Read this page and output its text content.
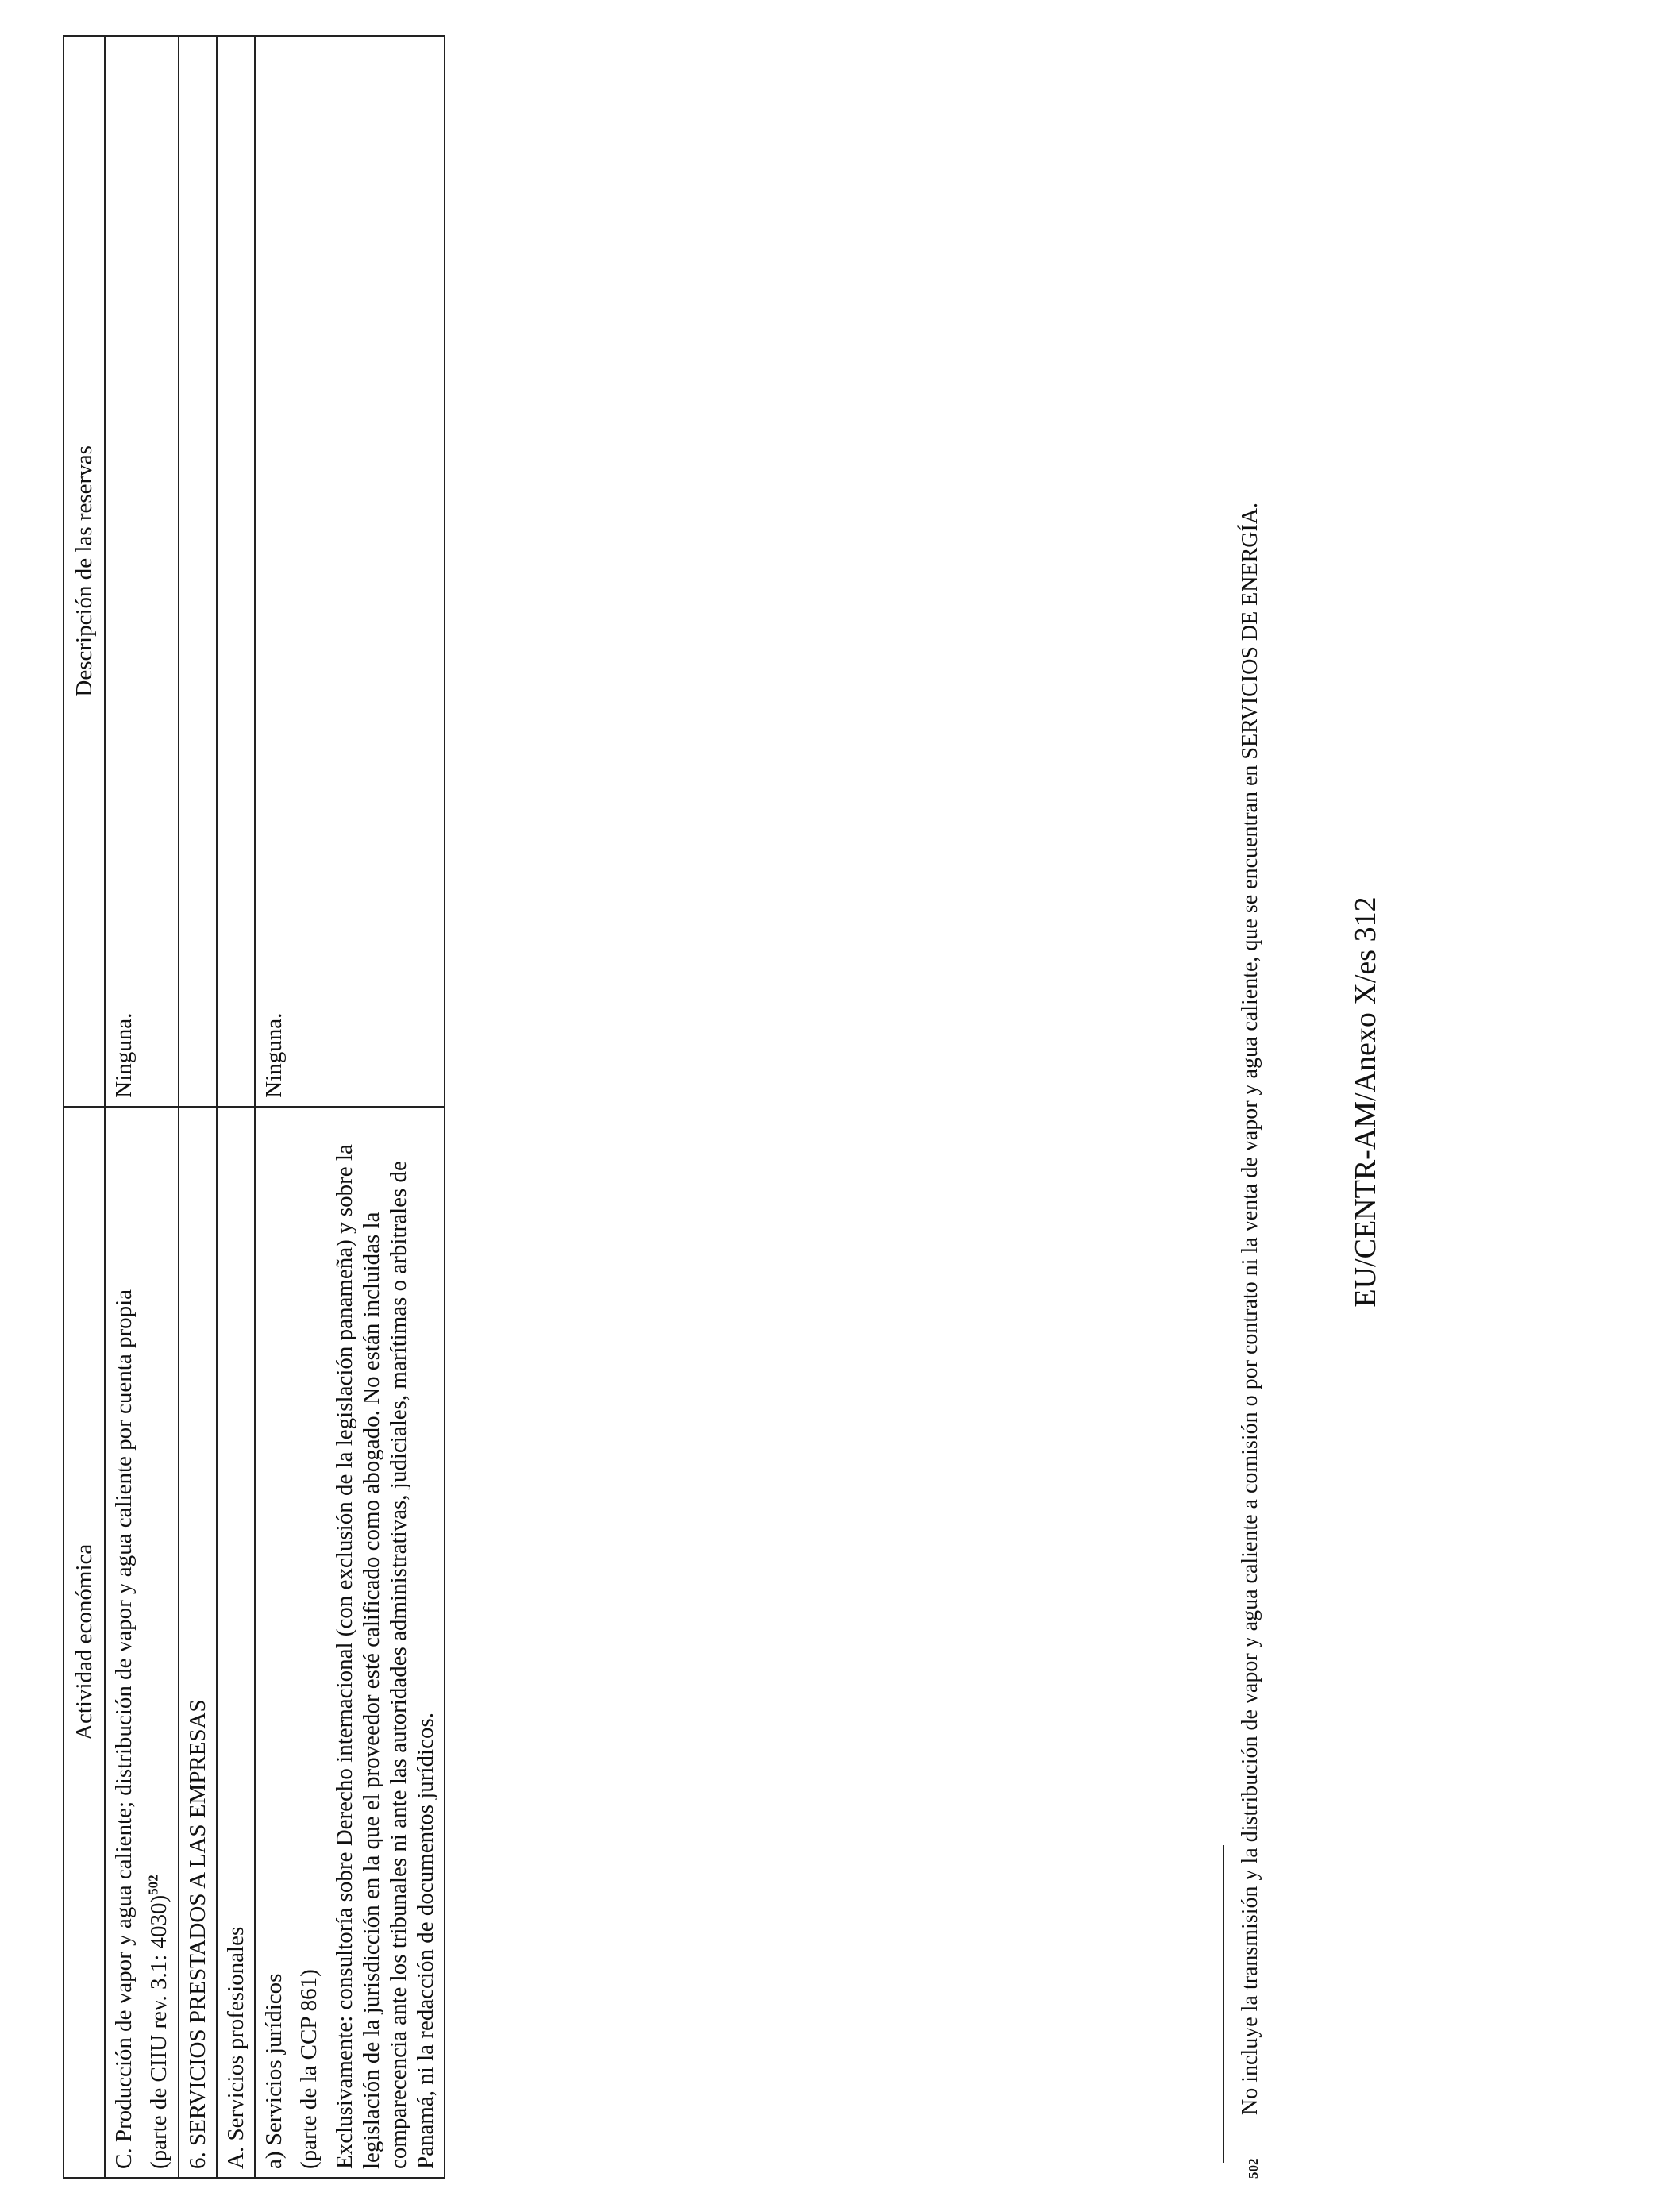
Actividad económica	Descripción de las reservas

C. Producción de vapor y agua caliente; distribución de vapor y agua caliente por cuenta propia (parte de CIIU rev. 3.1: 4030)$^{502}$	Ninguna.

6. SERVICIOS PRESTADOS A LAS EMPRESAS	

A. Servicios profesionales	

a) Servicios jurídicos (parte de la CCP 861) Exclusivamente: consultoría sobre Derecho internacional (con exclusión de la legislación panameña) y sobre la legislación de la jurisdicción en la que el proveedor esté calificado como abogado. No están incluidas la comparecencia ante los tribunales ni ante las autoridades administrativas, judiciales, marítimas o arbitrales de Panamá, ni la redacción de documentos jurídicos.	Ninguna.
502
No incluye la transmisión y la distribución de vapor y agua caliente a comisión o por contrato ni la venta de vapor y agua caliente, que se encuentran en SERVICIOS DE ENERGÍA.	EU/CENTR-AM/Anexo X/es 312
